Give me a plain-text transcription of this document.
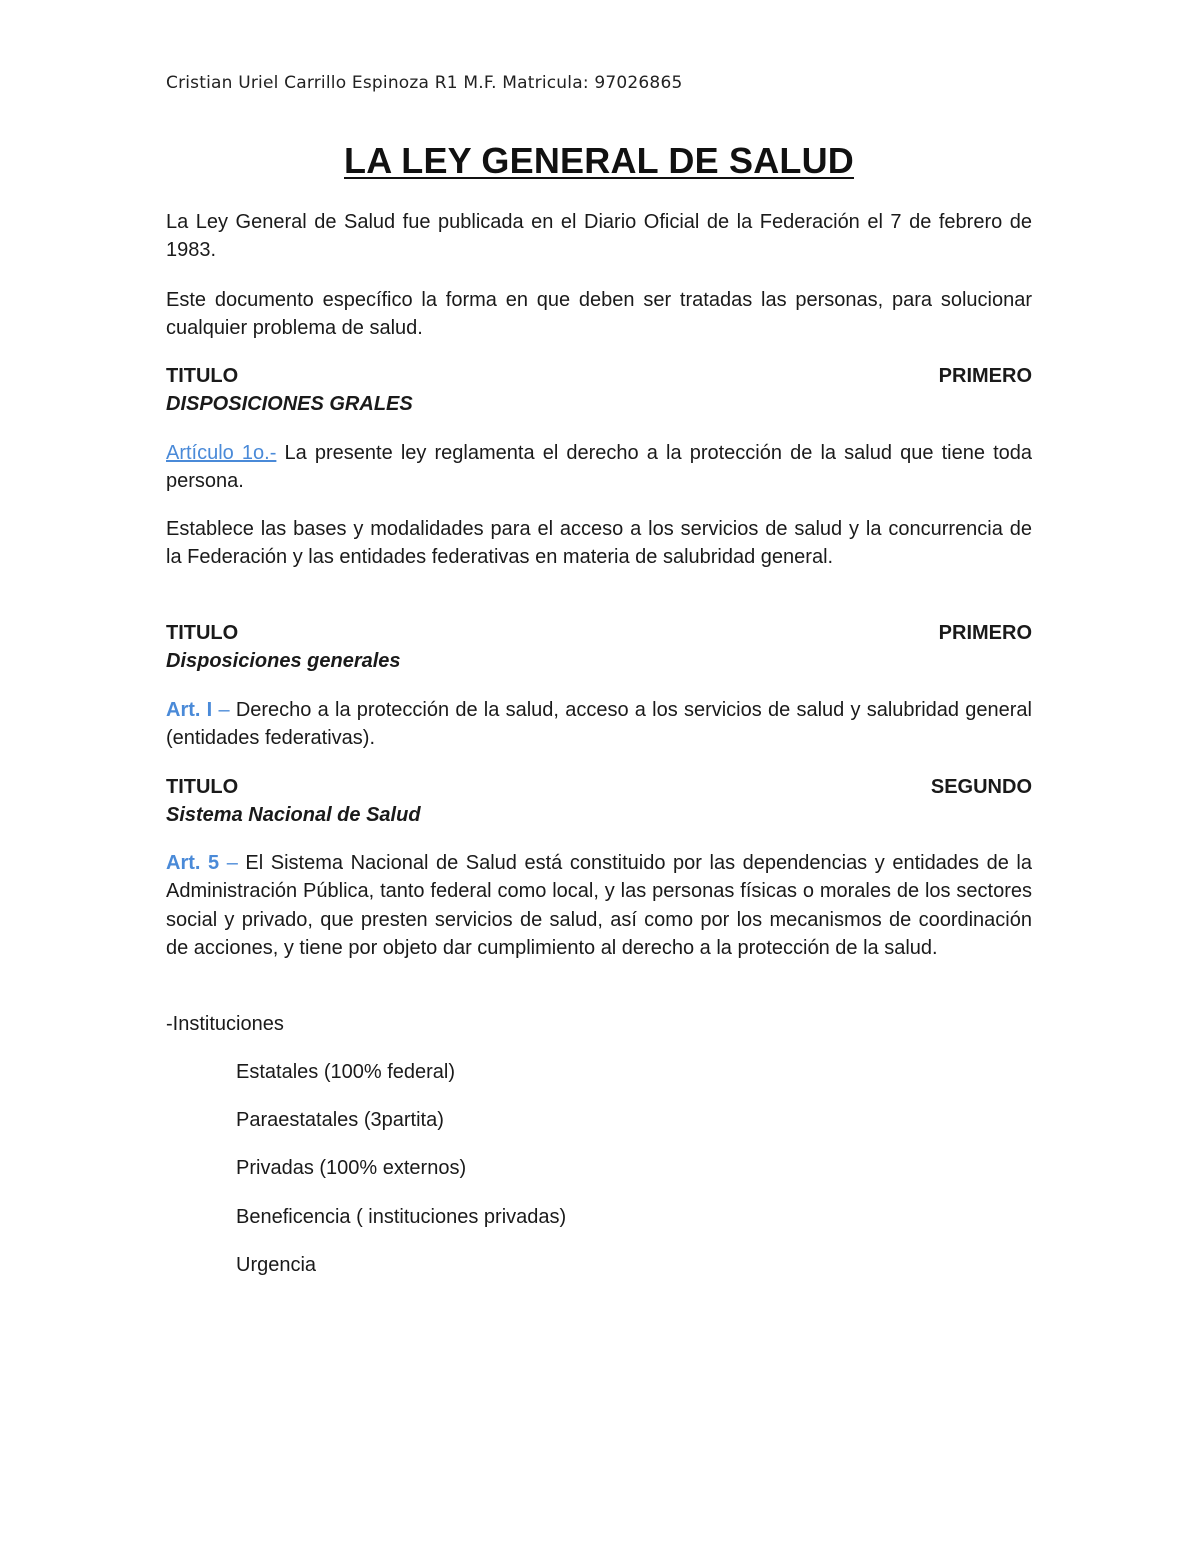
Cristian Uriel Carrillo Espinoza R1 M.F. Matricula: 97026865
LA LEY GENERAL DE SALUD
La Ley General de Salud fue publicada en el Diario Oficial de la Federación el 7 de febrero de 1983.
Este documento específico la forma en que deben ser tratadas las personas, para solucionar cualquier problema de salud.
TITULO	PRIMERO
DISPOSICIONES GRALES
Artículo 1o.- La presente ley reglamenta el derecho a la protección de la salud que tiene toda persona.
Establece las bases y modalidades para el acceso a los servicios de salud y la concurrencia de la Federación y las entidades federativas en materia de salubridad general.
TITULO	PRIMERO
Disposiciones generales
Art. I – Derecho a la protección de la salud, acceso a los servicios de salud y salubridad general (entidades federativas).
TITULO	SEGUNDO
Sistema Nacional de Salud
Art. 5 – El Sistema Nacional de Salud está constituido por las dependencias y entidades de la Administración Pública, tanto federal como local, y las personas físicas o morales de los sectores social y privado, que presten servicios de salud, así como por los mecanismos de coordinación de acciones, y tiene por objeto dar cumplimiento al derecho a la protección de la salud.
-Instituciones
Estatales (100% federal)
Paraestatales (3partita)
Privadas (100% externos)
Beneficencia ( instituciones privadas)
Urgencia
